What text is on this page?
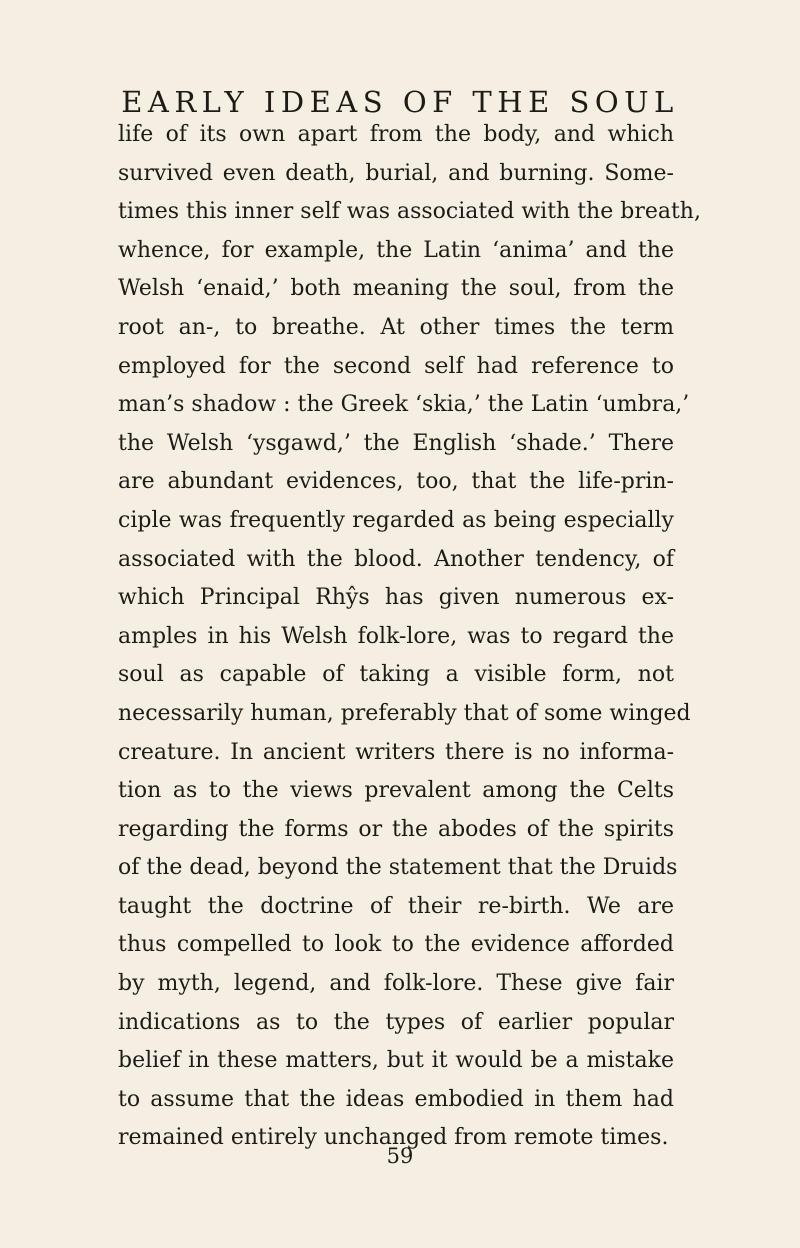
EARLY IDEAS OF THE SOUL
life of its own apart from the body, and which
survived even death, burial, and burning. Some-
times this inner self was associated with the breath,
whence, for example, the Latin ‘anima’ and the
Welsh ‘enaid,’ both meaning the soul, from the
root an-, to breathe. At other times the term
employed for the second self had reference to
man’s shadow : the Greek ‘skia,’ the Latin ‘umbra,’
the Welsh ‘ysgawd,’ the English ‘shade.’ There
are abundant evidences, too, that the life-prin-
ciple was frequently regarded as being especially
associated with the blood. Another tendency, of
which Principal Rhŷs has given numerous ex-
amples in his Welsh folk-lore, was to regard the
soul as capable of taking a visible form, not
necessarily human, preferably that of some winged
creature. In ancient writers there is no informa-
tion as to the views prevalent among the Celts
regarding the forms or the abodes of the spirits
of the dead, beyond the statement that the Druids
taught the doctrine of their re-birth. We are
thus compelled to look to the evidence afforded
by myth, legend, and folk-lore. These give fair
indications as to the types of earlier popular
belief in these matters, but it would be a mistake
to assume that the ideas embodied in them had
remained entirely unchanged from remote times.
59
